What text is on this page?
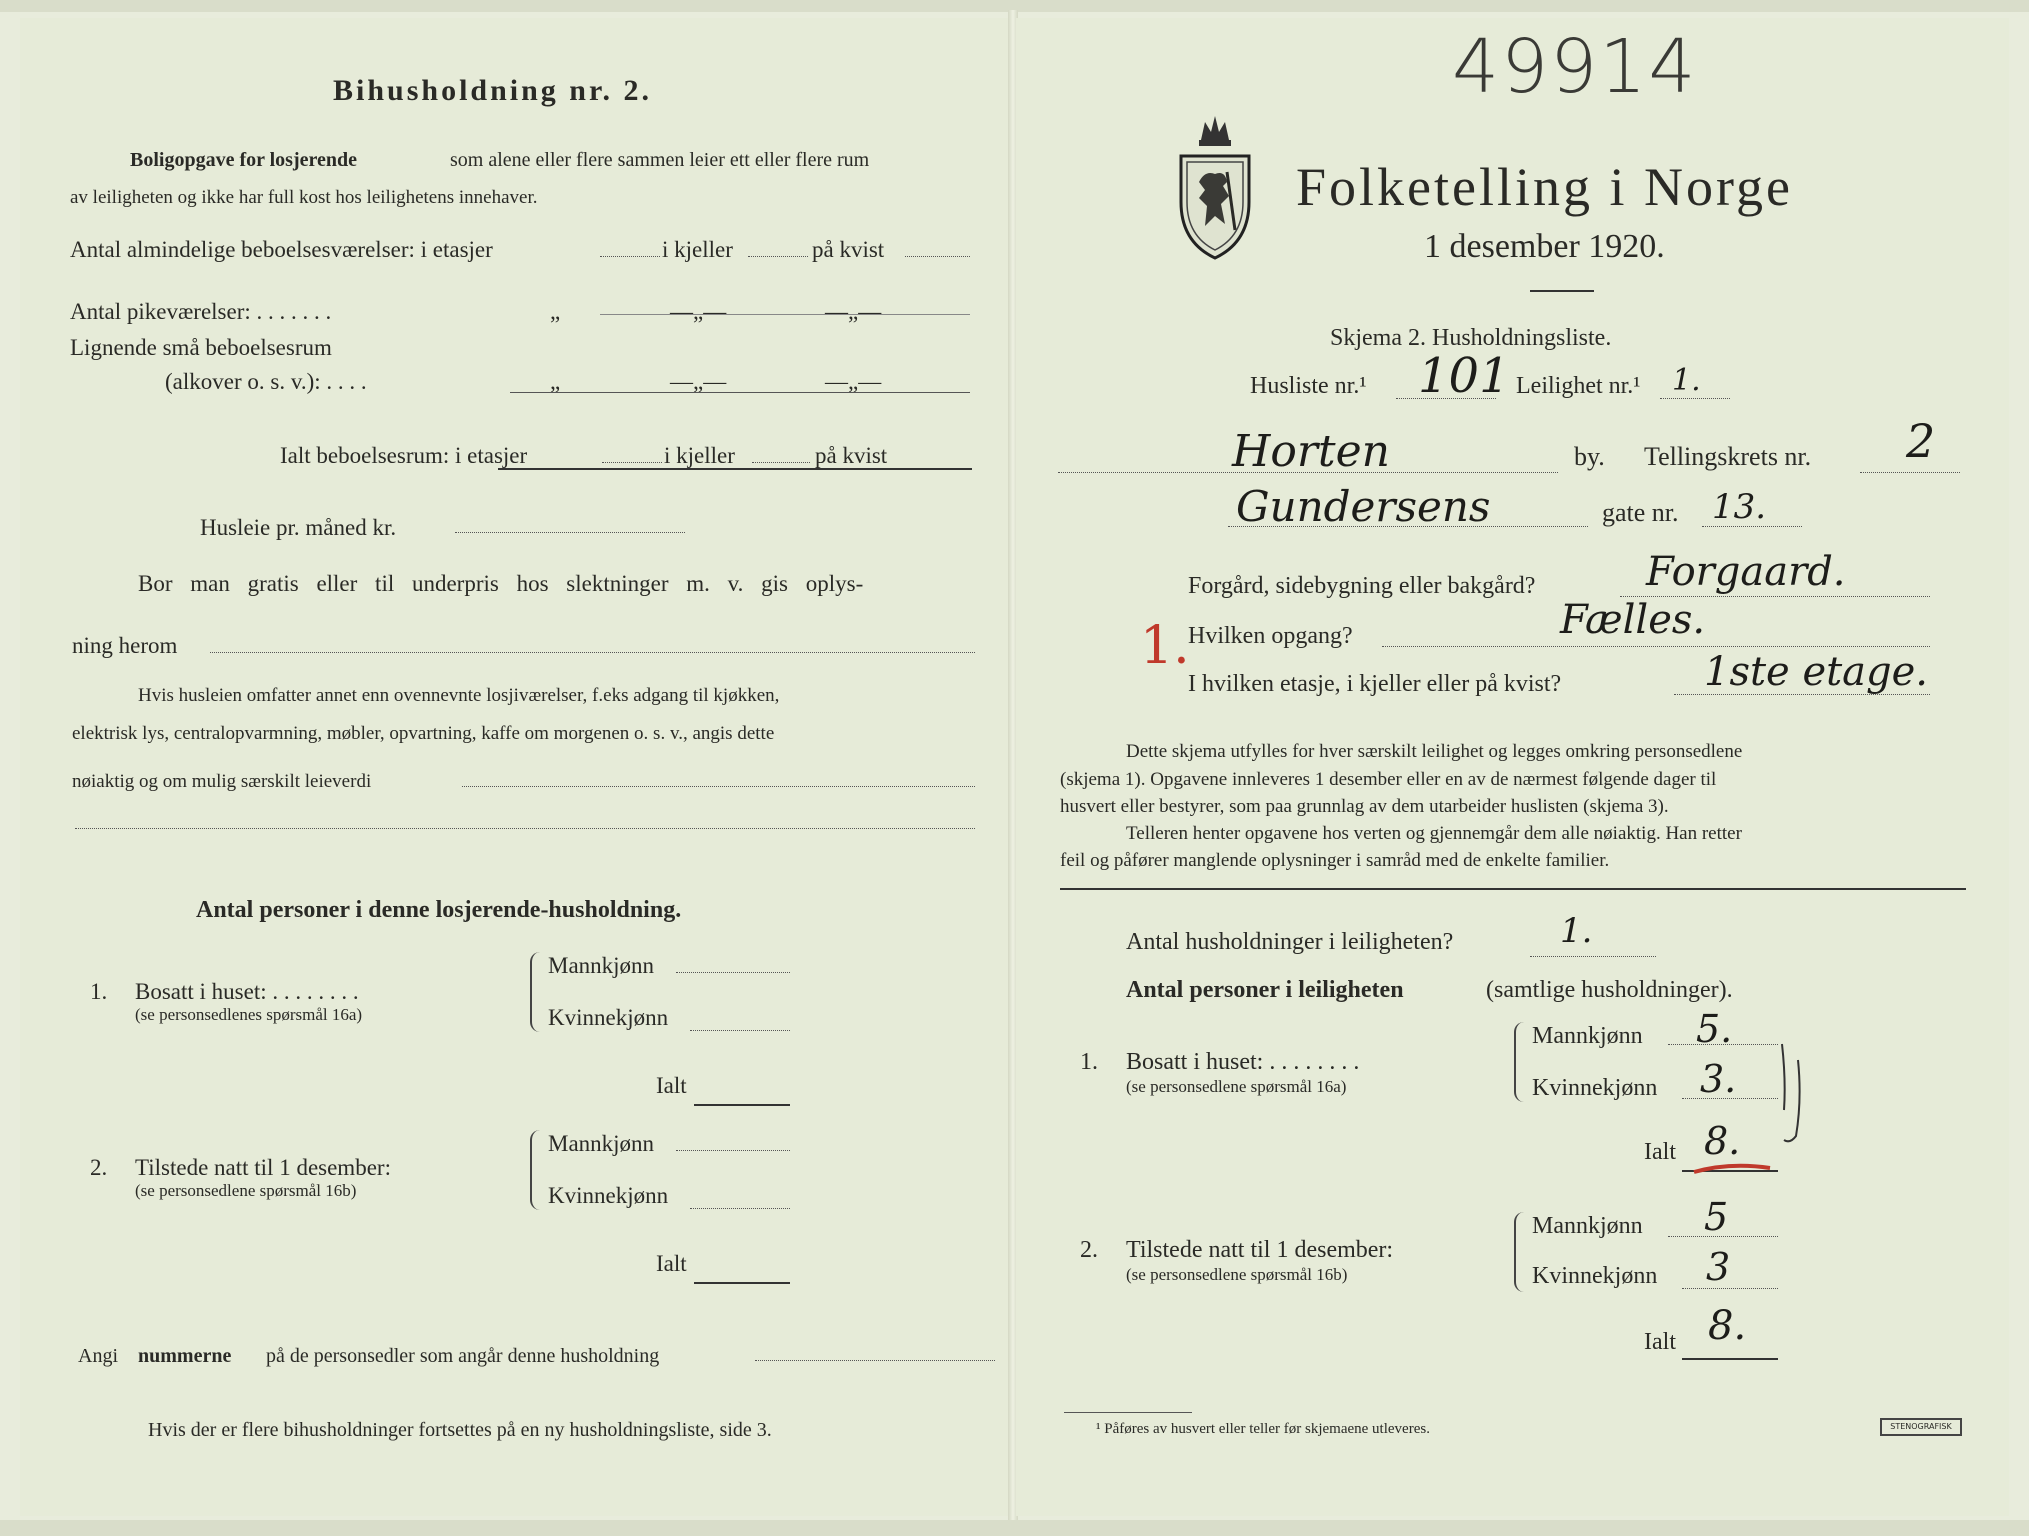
Bihusholdning nr. 2.
Boligopgave for losjerende	som alene eller flere sammen leier ett eller flere rum
av leiligheten og ikke har full kost hos leilighetens innehaver.
Antal almindelige beboelsesværelser: i etasjer	i kjeller	på kvist
Antal pikeværelser: . . . . . . .	„	—„—	—„—
Lignende små beboelsesrum
(alkover o. s. v.): . . . .	„	—„—	—„—
Ialt beboelsesrum: i etasjer	i kjeller	på kvist
Husleie pr. måned kr.
Bor man gratis eller til underpris hos slektninger m. v. gis oplys-
ning herom
Hvis husleien omfatter annet enn ovennevnte losjiværelser, f.eks adgang til kjøkken,
elektrisk lys, centralopvarmning, møbler, opvartning, kaffe om morgenen o. s. v., angis dette
nøiaktig og om mulig særskilt leieverdi
Antal personer i denne losjerende-husholdning.
1. Bosatt i huset: . . . . . . . .
(se personsedlenes spørsmål 16a)
Mannkjønn
Kvinnekjønn
Ialt
2. Tilstede natt til 1 desember:
(se personsedlene spørsmål 16b)
Mannkjønn
Kvinnekjønn
Ialt
Angi nummerne på de personsedler som angår denne husholdning
Hvis der er flere bihusholdninger fortsettes på en ny husholdningsliste, side 3.
49914
Folketelling i Norge
1 desember 1920.
Skjema 2. Husholdningsliste.
Husliste nr.¹ 101 Leilighet nr.¹ 1.
Horten	by. Tellingskrets nr. 2
Gundersens	gate nr. 13.
1.
Forgård, sidebygning eller bakgård?	Forgaard.
Hvilken opgang?	Fælles.
I hvilken etasje, i kjeller eller på kvist?	1ste etage.
Dette skjema utfylles for hver særskilt leilighet og legges omkring personsedlene
(skjema 1). Opgavene innleveres 1 desember eller en av de nærmest følgende dager til
husvert eller bestyrer, som paa grunnlag av dem utarbeider huslisten (skjema 3).
Telleren henter opgavene hos verten og gjennemgår dem alle nøiaktig. Han retter
feil og påfører manglende oplysninger i samråd med de enkelte familier.
Antal husholdninger i leiligheten?	1.
Antal personer i leiligheten	(samtlige husholdninger).
1. Bosatt i huset: . . . . . . . .
(se personsedlene spørsmål 16a)
Mannkjønn 5.
Kvinnekjønn 3.
Ialt 8.
2. Tilstede natt til 1 desember:
(se personsedlene spørsmål 16b)
Mannkjønn 5
Kvinnekjønn 3
Ialt 8.
¹ Påføres av husvert eller teller før skjemaene utleveres.	STENOGRAFISK
